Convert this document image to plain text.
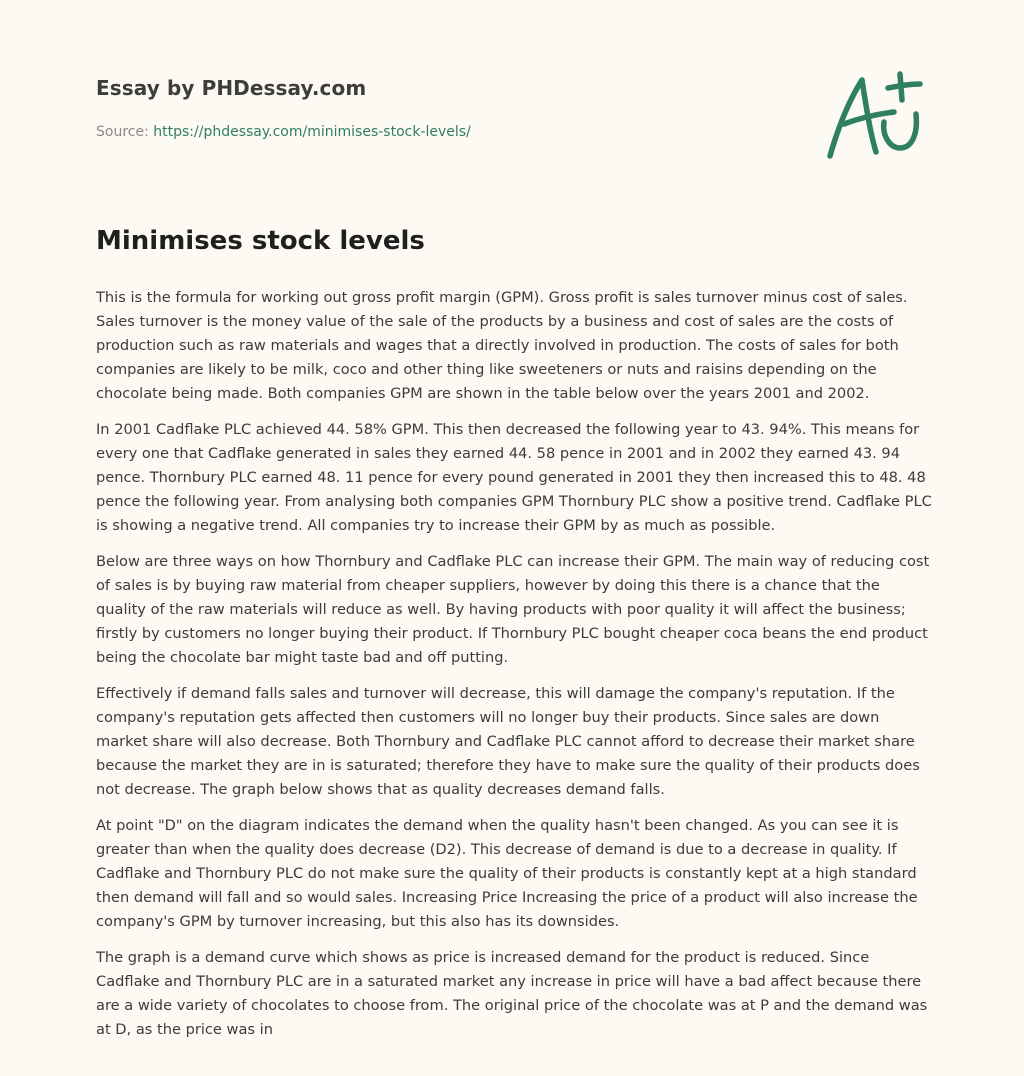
Essay by PHDessay.com
Source: https://phdessay.com/minimises-stock-levels/
Minimises stock levels

This is the formula for working out gross profit margin (GPM). Gross profit is sales turnover minus cost of sales. Sales turnover is the money value of the sale of the products by a business and cost of sales are the costs of production such as raw materials and wages that a directly involved in production. The costs of sales for both companies are likely to be milk, coco and other thing like sweeteners or nuts and raisins depending on the chocolate being made. Both companies GPM are shown in the table below over the years 2001 and 2002.

In 2001 Cadflake PLC achieved 44. 58% GPM. This then decreased the following year to 43. 94%. This means for every one that Cadflake generated in sales they earned 44. 58 pence in 2001 and in 2002 they earned 43. 94 pence. Thornbury PLC earned 48. 11 pence for every pound generated in 2001 they then increased this to 48. 48 pence the following year. From analysing both companies GPM Thornbury PLC show a positive trend. Cadflake PLC is showing a negative trend. All companies try to increase their GPM by as much as possible.

Below are three ways on how Thornbury and Cadflake PLC can increase their GPM. The main way of reducing cost of sales is by buying raw material from cheaper suppliers, however by doing this there is a chance that the quality of the raw materials will reduce as well. By having products with poor quality it will affect the business; firstly by customers no longer buying their product. If Thornbury PLC bought cheaper coca beans the end product being the chocolate bar might taste bad and off putting.

Effectively if demand falls sales and turnover will decrease, this will damage the company's reputation. If the company's reputation gets affected then customers will no longer buy their products. Since sales are down market share will also decrease. Both Thornbury and Cadflake PLC cannot afford to decrease their market share because the market they are in is saturated; therefore they have to make sure the quality of their products does not decrease. The graph below shows that as quality decreases demand falls.

At point "D" on the diagram indicates the demand when the quality hasn't been changed. As you can see it is greater than when the quality does decrease (D2). This decrease of demand is due to a decrease in quality. If Cadflake and Thornbury PLC do not make sure the quality of their products is constantly kept at a high standard then demand will fall and so would sales. Increasing Price Increasing the price of a product will also increase the company's GPM by turnover increasing, but this also has its downsides.

The graph is a demand curve which shows as price is increased demand for the product is reduced. Since Cadflake and Thornbury PLC are in a saturated market any increase in price will have a bad affect because there are a wide variety of chocolates to choose from. The original price of the chocolate was at P and the demand was at D, as the price was in
